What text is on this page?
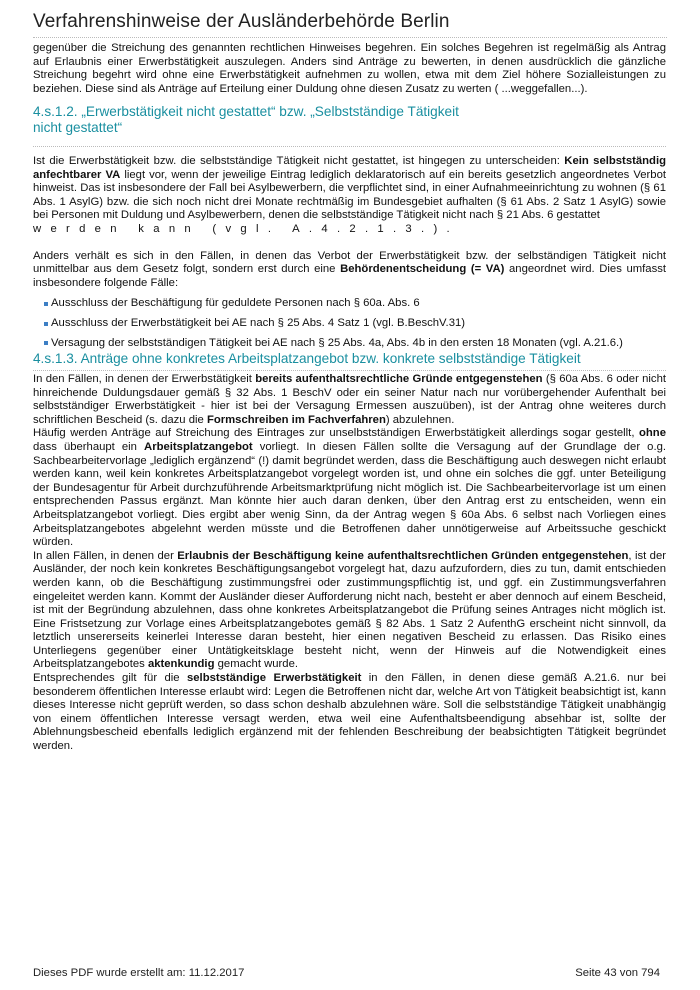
Verfahrenshinweise der Ausländerbehörde Berlin

gegenüber die Streichung des genannten rechtlichen Hinweises begehren. Ein solches Begehren ist regelmäßig als Antrag auf Erlaubnis einer Erwerbstätigkeit auszulegen. Anders sind Anträge zu bewerten, in denen ausdrücklich die gänzliche Streichung begehrt wird ohne eine Erwerbstätigkeit aufnehmen zu wollen, etwa mit dem Ziel höhere Sozialleistungen zu beziehen. Diese sind als Anträge auf Erteilung einer Duldung ohne diesen Zusatz zu werten ( ...weggefallen...).

4.s.1.2. „Erwerbstätigkeit nicht gestattet“ bzw. „Selbstständige Tätigkeit
nicht gestattet“

Ist die Erwerbstätigkeit bzw. die selbstständige Tätigkeit nicht gestattet, ist hingegen zu unterscheiden: Kein selbstständig anfechtbarer VA liegt vor, wenn der jeweilige Eintrag lediglich deklaratorisch auf ein bereits gesetzlich angeordnetes Verbot hinweist. Das ist insbesondere der Fall bei Asylbewerbern, die verpflichtet sind, in einer Aufnahmeeinrichtung zu wohnen (§ 61 Abs. 1 AsylG) bzw. die sich noch nicht drei Monate rechtmäßig im Bundesgebiet aufhalten (§ 61 Abs. 2 Satz 1 AsylG) sowie bei Personen mit Duldung und Asylbewerbern, denen die selbstständige Tätigkeit nicht nach § 21 Abs. 6 gestattet

werden kann (vgl. A.4.2.1.3.).

Anders verhält es sich in den Fällen, in denen das Verbot der Erwerbstätigkeit bzw. der selbständigen Tätigkeit nicht unmittelbar aus dem Gesetz folgt, sondern erst durch eine Behördenentscheidung (= VA) angeordnet wird. Dies umfasst insbesondere folgende Fälle:

Ausschluss der Beschäftigung für geduldete Personen nach § 60a. Abs. 6
Ausschluss der Erwerbstätigkeit bei AE nach § 25 Abs. 4 Satz 1 (vgl. B.BeschV.31)
Versagung der selbstständigen Tätigkeit bei AE nach § 25 Abs. 4a, Abs. 4b in den ersten 18 Monaten (vgl. A.21.6.)
4.s.1.3. Anträge ohne konkretes Arbeitsplatzangebot bzw. konkrete selbstständige Tätigkeit

In den Fällen, in denen der Erwerbstätigkeit bereits aufenthaltsrechtliche Gründe entgegenstehen (§ 60a Abs. 6 oder nicht hinreichende Duldungsdauer gemäß § 32 Abs. 1 BeschV oder ein seiner Natur nach nur vorübergehender Aufenthalt bei selbstständiger Erwerbstätigkeit - hier ist bei der Versagung Ermessen auszuüben), ist der Antrag ohne weiteres durch schriftlichen Bescheid (s. dazu die Formschreiben im Fachverfahren) abzulehnen.

Häufig werden Anträge auf Streichung des Eintrages zur unselbstständigen Erwerbstätigkeit allerdings sogar gestellt, ohne dass überhaupt ein Arbeitsplatzangebot vorliegt. In diesen Fällen sollte die Versagung auf der Grundlage der o.g. Sachbearbeitervorlage „lediglich ergänzend“ (!) damit begründet werden, dass die Beschäftigung auch deswegen nicht erlaubt werden kann, weil kein konkretes Arbeitsplatzangebot vorgelegt worden ist, und ohne ein solches die ggf. unter Beteiligung der Bundesagentur für Arbeit durchzuführende Arbeitsmarktprüfung nicht möglich ist. Die Sachbearbeitervorlage ist um einen entsprechenden Passus ergänzt. Man könnte hier auch daran denken, über den Antrag erst zu entscheiden, wenn ein Arbeitsplatzangebot vorliegt. Dies ergibt aber wenig Sinn, da der Antrag wegen § 60a Abs. 6 selbst nach Vorliegen eines Arbeitsplatzangebotes abgelehnt werden müsste und die Betroffenen daher unnötigerweise auf Arbeitssuche geschickt würden.

In allen Fällen, in denen der Erlaubnis der Beschäftigung keine aufenthaltsrechtlichen Gründen entgegenstehen, ist der Ausländer, der noch kein konkretes Beschäftigungsangebot vorgelegt hat, dazu aufzufordern, dies zu tun, damit entschieden werden kann, ob die Beschäftigung zustimmungsfrei oder zustimmungspflichtig ist, und ggf. ein Zustimmungsverfahren eingeleitet werden kann. Kommt der Ausländer dieser Aufforderung nicht nach, besteht er aber dennoch auf einem Bescheid, ist mit der Begründung abzulehnen, dass ohne konkretes Arbeitsplatzangebot die Prüfung seines Antrages nicht möglich ist. Eine Fristsetzung zur Vorlage eines Arbeitsplatzangebotes gemäß § 82 Abs. 1 Satz 2 AufenthG erscheint nicht sinnvoll, da letztlich unsererseits keinerlei Interesse daran besteht, hier einen negativen Bescheid zu erlassen. Das Risiko eines Unterliegens gegenüber einer Untätigkeitsklage besteht nicht, wenn der Hinweis auf die Notwendigkeit eines Arbeitsplatzangebotes aktenkundig gemacht wurde.

Entsprechendes gilt für die selbstständige Erwerbstätigkeit in den Fällen, in denen diese gemäß A.21.6. nur bei besonderem öffentlichen Interesse erlaubt wird: Legen die Betroffenen nicht dar, welche Art von Tätigkeit beabsichtigt ist, kann dieses Interesse nicht geprüft werden, so dass schon deshalb abzulehnen wäre. Soll die selbstständige Tätigkeit unabhängig von einem öffentlichen Interesse versagt werden, etwa weil eine Aufenthaltsbeendigung absehbar ist, sollte der Ablehnungsbescheid ebenfalls lediglich ergänzend mit der fehlenden Beschreibung der beabsichtigten Tätigkeit begründet werden.

Dieses PDF wurde erstellt am: 11.12.2017	Seite 43 von 794
